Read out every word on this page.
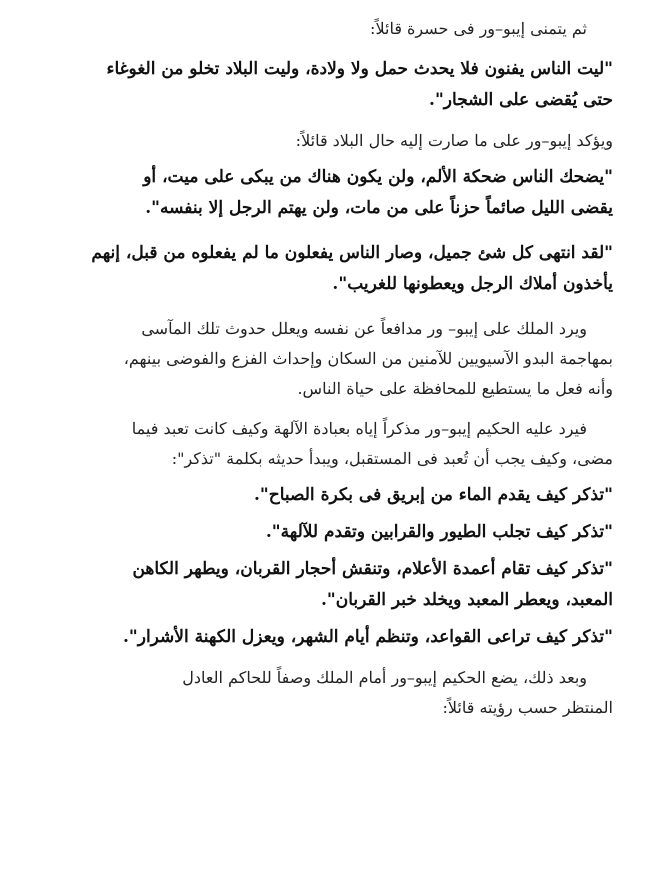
ثم يتمنى إيبو–ور فى حسرة قائلاً:

"ليت الناس يفنون فلا يحدث حمل ولا ولادة، وليت البلاد تخلو من الغوغاء
حتى يُقضى على الشجار".

ويؤكد إيبو–ور على ما صارت إليه حال البلاد قائلاً:

"يضحك الناس ضحكة الألم، ولن يكون هناك من يبكى على ميت، أو
يقضى الليل صائماً حزناً على من مات، ولن يهتم الرجل إلا بنفسه".

"لقد انتهى كل شئ جميل، وصار الناس يفعلون ما لم يفعلوه من قبل، إنهم
يأخذون أملاك الرجل ويعطونها للغريب".

ويرد الملك على إيبو– ور مدافعاً عن نفسه ويعلل حدوث تلك المآسى
بمهاجمة البدو الآسيويين للآمنين من السكان وإحداث الفزع والفوضى بينهم،
وأنه فعل ما يستطيع للمحافظة على حياة الناس.

فيرد عليه الحكيم إيبو–ور مذكراً إياه بعبادة الآلهة وكيف كانت تعبد فيما
مضى، وكيف يجب أن تُعبد فى المستقبل، ويبدأ حديثه بكلمة "تذكر":

"تذكر كيف يقدم الماء من إبريق فى بكرة الصباح".

"تذكر كيف تجلب الطيور والقرابين وتقدم للآلهة".

"تذكر كيف تقام أعمدة الأعلام، وتنقش أحجار القربان، ويطهر الكاهن
المعبد، ويعطر المعبد ويخلد خبر القربان".

"تذكر كيف تراعى القواعد، وتنظم أيام الشهر، ويعزل الكهنة الأشرار".

وبعد ذلك، يضع الحكيم إيبو–ور أمام الملك وصفاً للحاكم العادل
المنتظر حسب رؤيته قائلاً:
